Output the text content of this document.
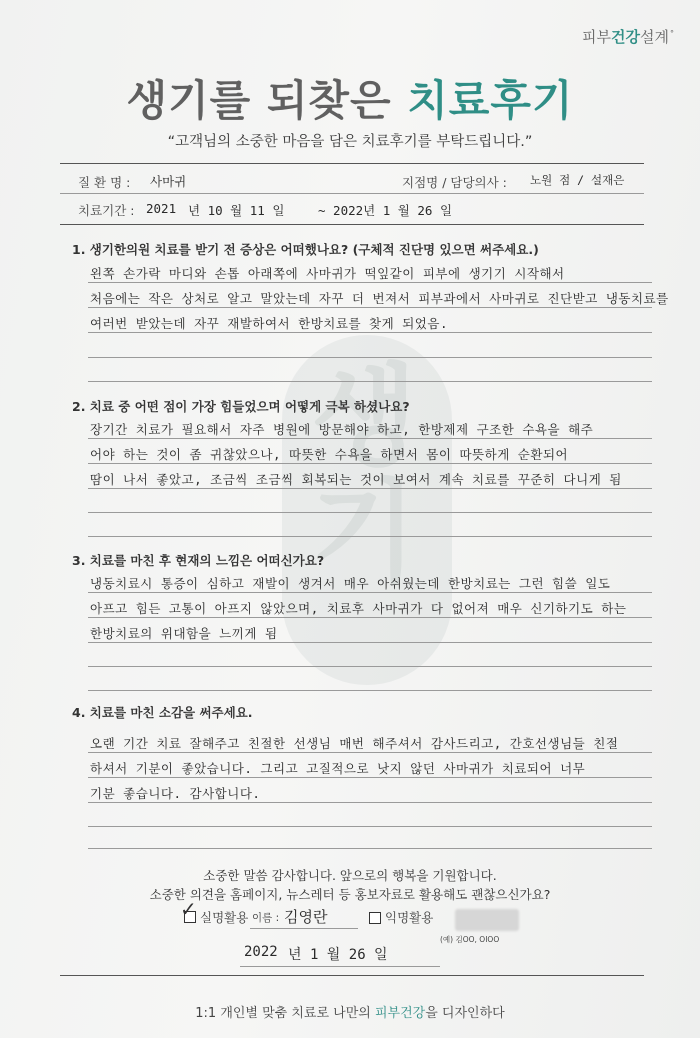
생
기
피부건강설계°
생기를 되찾은 치료후기
“고객님의 소중한 마음을 담은 치료후기를 부탁드립니다.”
질 환 명 : 사마귀	지점명 / 담당의사 : 노원 점 / 설재은
치료기간 : 2021 년 10 월 11 일	~ 2022년 1 월 26 일
1. 생기한의원 치료를 받기 전 증상은 어떠했나요? (구체적 진단명 있으면 써주세요.)
왼쪽 손가락 마디와 손톱 아래쪽에 사마귀가 떡잎같이 피부에 생기기 시작해서
처음에는 작은 상처로 알고 말았는데 자꾸 더 번져서 피부과에서 사마귀로 진단받고 냉동치료를
여러번 받았는데 자꾸 재발하여서 한방치료를 찾게 되었음.
2. 치료 중 어떤 점이 가장 힘들었으며 어떻게 극복 하셨나요?
장기간 치료가 필요해서 자주 병원에 방문해야 하고, 한방제제 구조한 수욕을 해주
어야 하는 것이 좀 귀찮았으나, 따뜻한 수욕을 하면서 몸이 따뜻하게 순환되어
땀이 나서 좋았고, 조금씩 조금씩 회복되는 것이 보여서 계속 치료를 꾸준히 다니게 됨
3. 치료를 마친 후 현재의 느낌은 어떠신가요?
냉동치료시 통증이 심하고 재발이 생겨서 매우 아쉬웠는데 한방치료는 그런 힘쓸 일도
아프고 힘든 고통이 아프지 않았으며, 치료후 사마귀가 다 없어져 매우 신기하기도 하는
한방치료의 위대함을 느끼게 됨
4. 치료를 마친 소감을 써주세요.
오랜 기간 치료 잘해주고 친절한 선생님 매번 해주셔서 감사드리고, 간호선생님들 친절
하셔서 기분이 좋았습니다. 그리고 고질적으로 낫지 않던 사마귀가 치료되어 너무
기분 좋습니다. 감사합니다.
소중한 말씀 감사합니다. 앞으로의 행복을 기원합니다.
소중한 의견을 홈페이지, 뉴스레터 등 홍보자료로 활용해도 괜찮으신가요?
✓ 실명활용 이름 : 김영란	익명활용
(예) 김OO, OIOO
2022 년 1 월 26 일
1:1 개인별 맞춤 치료로 나만의 피부건강을 디자인하다
